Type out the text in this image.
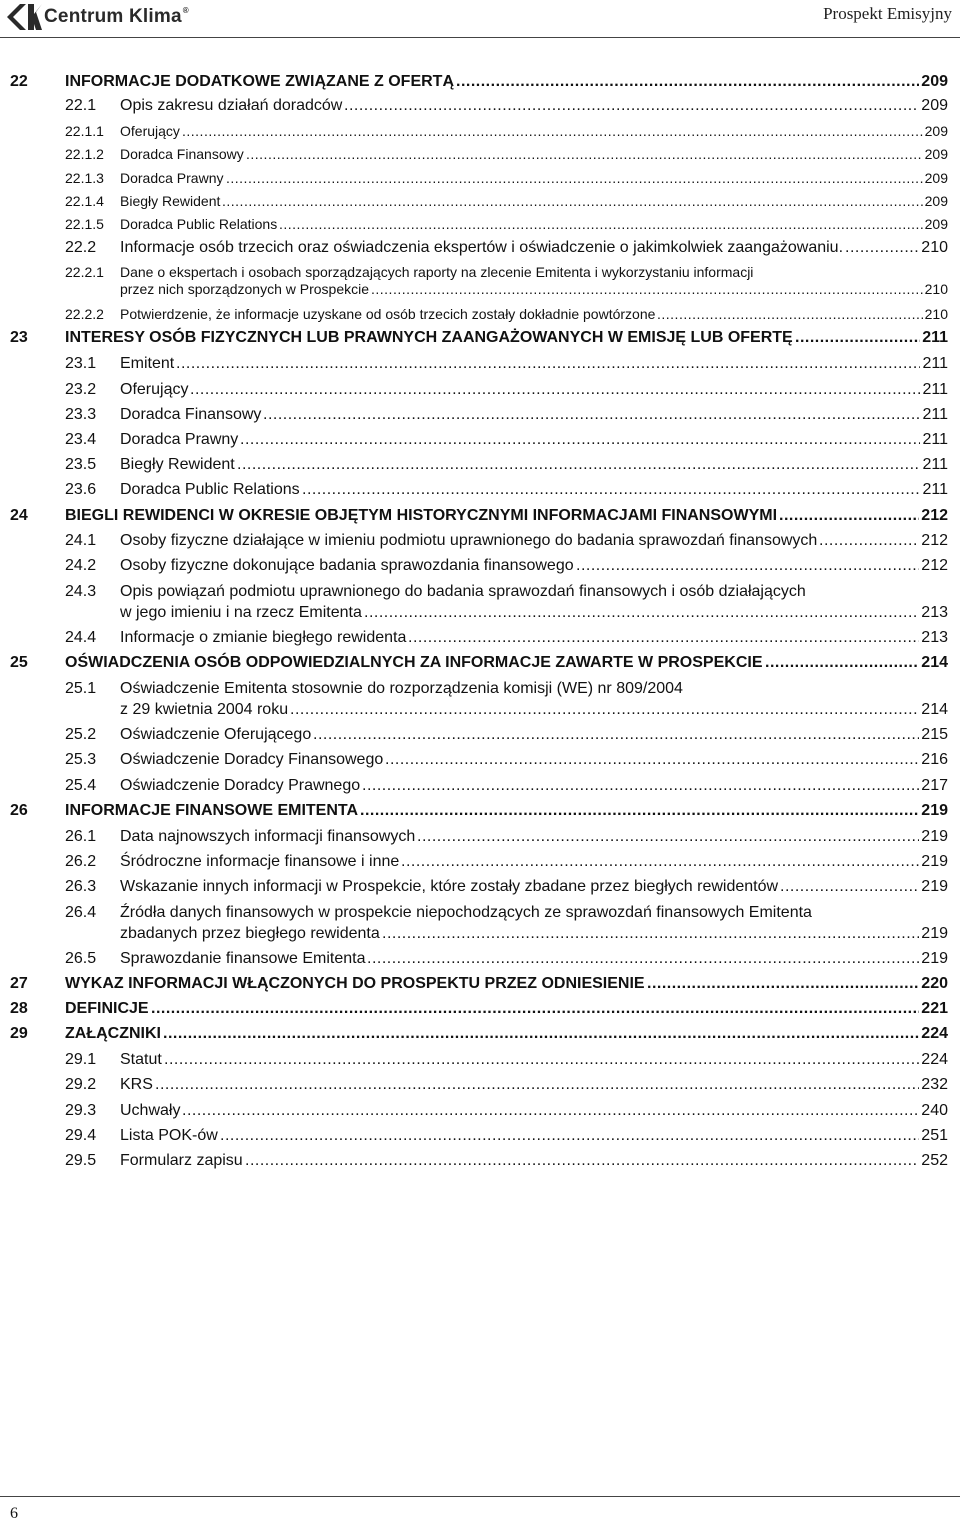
Centrum Klima®	Prospekt Emisyjny
22 INFORMACJE DODATKOWE ZWIĄZANE Z OFERTĄ .....	209
22.1 Opis zakresu działań doradców .....	209
22.1.1 Oferujący .....	209
22.1.2 Doradca Finansowy .....	209
22.1.3 Doradca Prawny .....	209
22.1.4 Biegły Rewident .....	209
22.1.5 Doradca Public Relations .....	209
22.2 Informacje osób trzecich oraz oświadczenia ekspertów i oświadczenie o jakimkolwiek zaangażowaniu. .....	210
22.2.1 Dane o ekspertach i osobach sporządzających raporty na zlecenie Emitenta i wykorzystaniu informacji
przez nich sporządzonych w Prospekcie .....	210
22.2.2 Potwierdzenie, że informacje uzyskane od osób trzecich zostały dokładnie powtórzone .....	210
23 INTERESY OSÓB FIZYCZNYCH LUB PRAWNYCH ZAANGAŻOWANYCH W EMISJĘ LUB OFERTĘ .....	211
23.1 Emitent .....	211
23.2 Oferujący .....	211
23.3 Doradca Finansowy .....	211
23.4 Doradca Prawny .....	211
23.5 Biegły Rewident .....	211
23.6 Doradca Public Relations .....	211
24 BIEGLI REWIDENCI W OKRESIE OBJĘTYM HISTORYCZNYMI INFORMACJAMI FINANSOWYMI .....	212
24.1 Osoby fizyczne działające w imieniu podmiotu uprawnionego do badania sprawozdań finansowych .....	212
24.2 Osoby fizyczne dokonujące badania sprawozdania finansowego .....	212
24.3 Opis powiązań podmiotu uprawnionego do badania sprawozdań finansowych i osób działających
w jego imieniu i na rzecz Emitenta .....	213
24.4 Informacje o zmianie biegłego rewidenta .....	213
25 OŚWIADCZENIA OSÓB ODPOWIEDZIALNYCH ZA INFORMACJE ZAWARTE W PROSPEKCIE .....	214
25.1 Oświadczenie Emitenta stosownie do rozporządzenia komisji (WE) nr 809/2004
z 29 kwietnia 2004 roku .....	214
25.2 Oświadczenie Oferującego .....	215
25.3 Oświadczenie Doradcy Finansowego .....	216
25.4 Oświadczenie Doradcy Prawnego .....	217
26 INFORMACJE FINANSOWE EMITENTA .....	219
26.1 Data najnowszych informacji finansowych .....	219
26.2 Śródroczne informacje finansowe i inne .....	219
26.3 Wskazanie innych informacji w Prospekcie, które zostały zbadane przez biegłych rewidentów .....	219
26.4 Źródła danych finansowych w prospekcie niepochodzących ze sprawozdań finansowych Emitenta
zbadanych przez biegłego rewidenta .....	219
26.5 Sprawozdanie finansowe Emitenta .....	219
27 WYKAZ INFORMACJI WŁĄCZONYCH DO PROSPEKTU PRZEZ ODNIESIENIE .....	220
28 DEFINICJE .....	221
29 ZAŁĄCZNIKI .....	224
29.1 Statut .....	224
29.2 KRS .....	232
29.3 Uchwały .....	240
29.4 Lista POK-ów .....	251
29.5 Formularz zapisu .....	252
6
